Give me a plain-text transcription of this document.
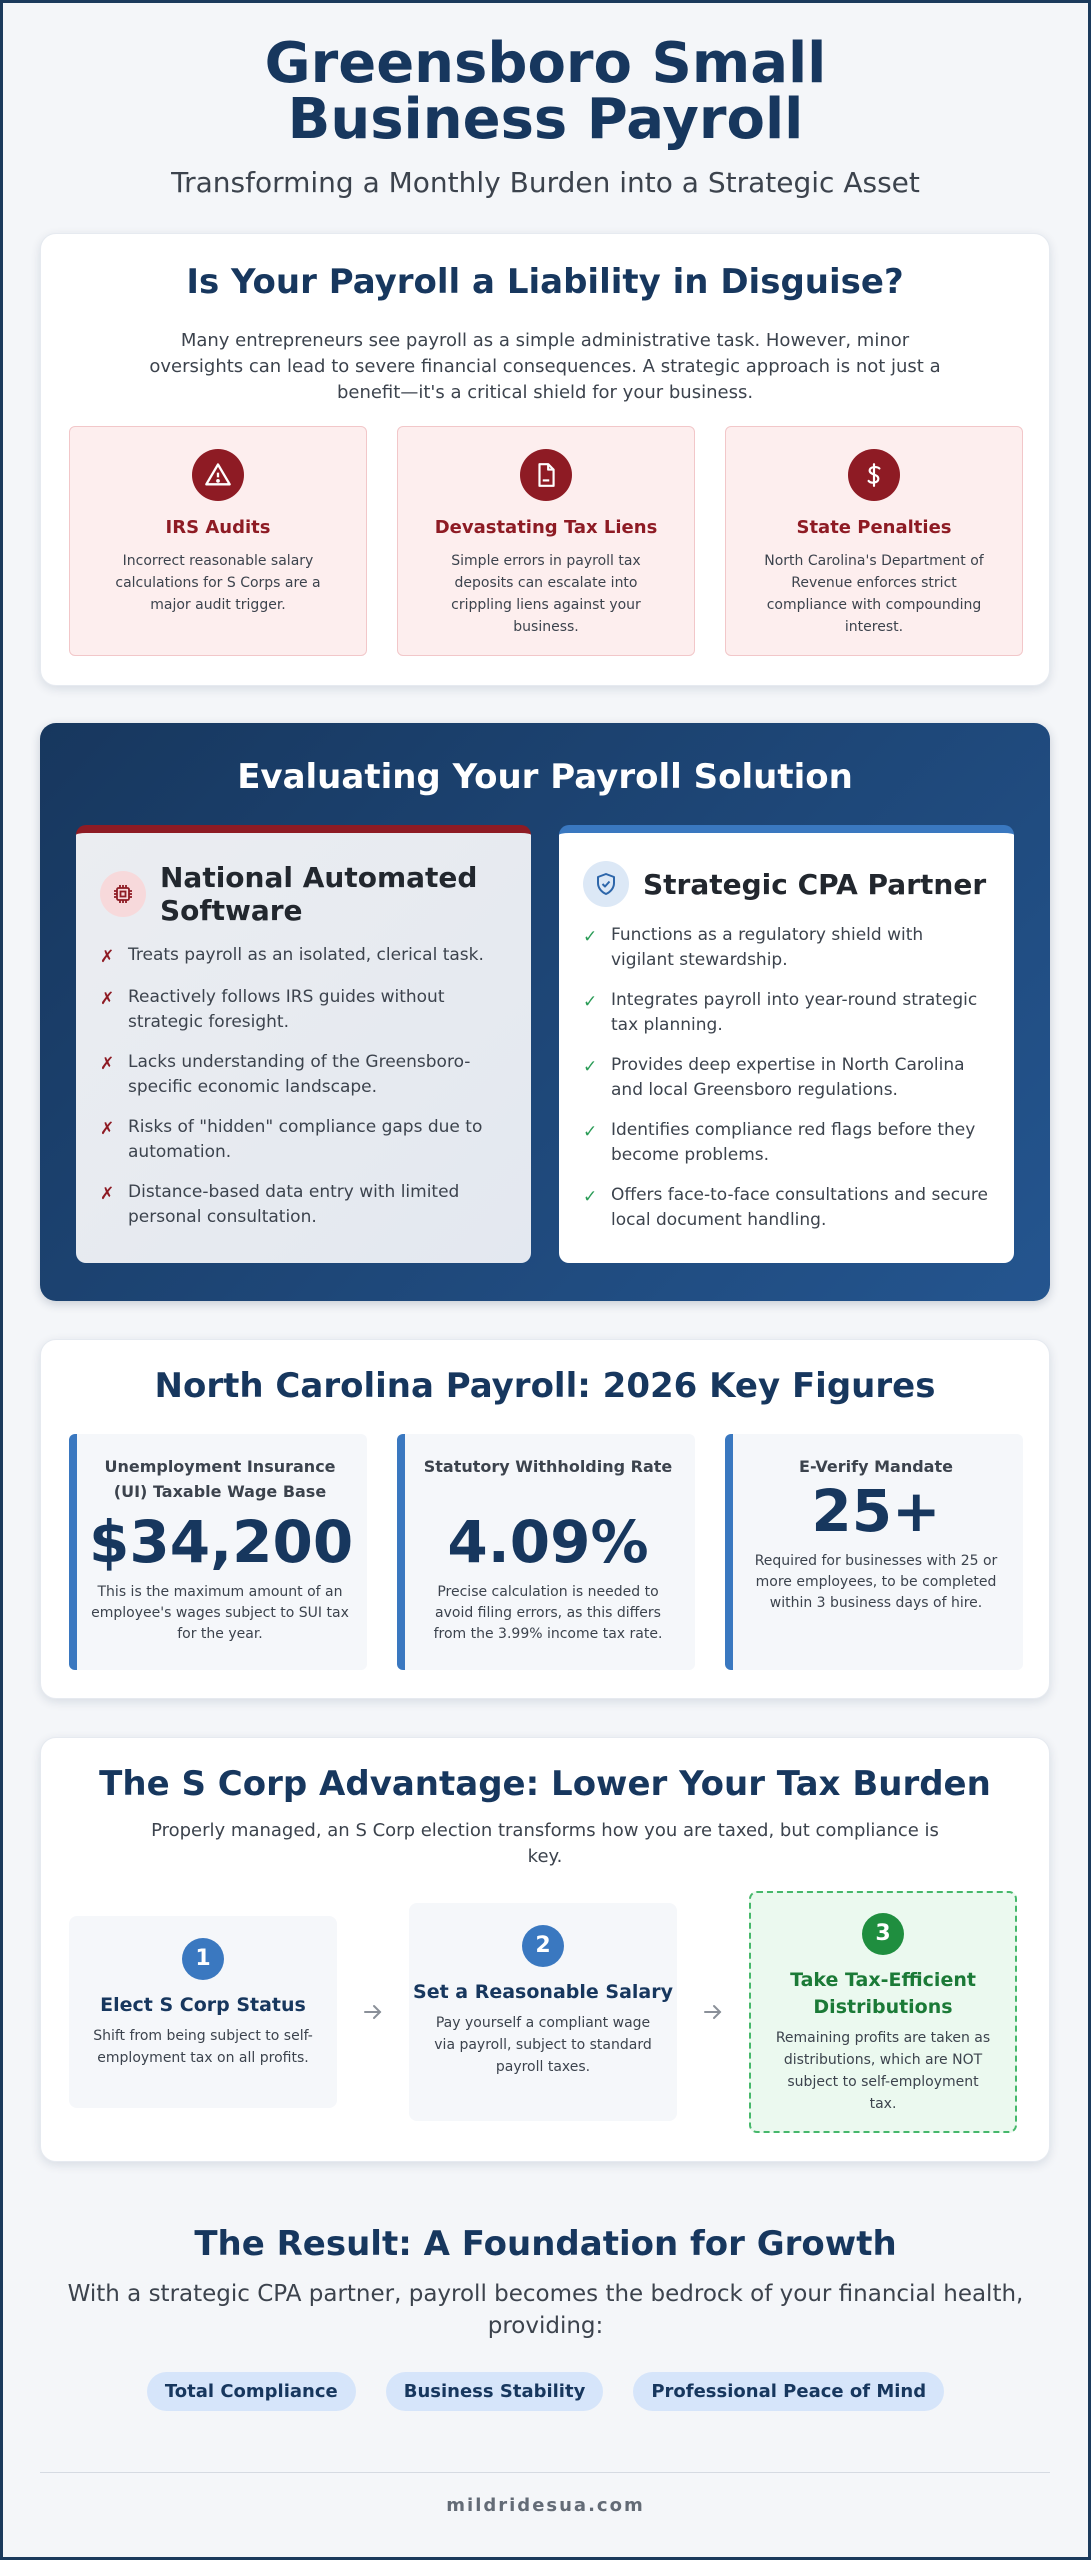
Greensboro Small Business Payroll
Transforming a Monthly Burden into a Strategic Asset
Is Your Payroll a Liability in Disguise?

Many entrepreneurs see payroll as a simple administrative task. However, minor oversights can lead to severe financial consequences. A strategic approach is not just a benefit—it's a critical shield for your business.

IRS Audits

Incorrect reasonable salary calculations for S Corps are a major audit trigger.

Devastating Tax Liens

Simple errors in payroll tax deposits can escalate into crippling liens against your business.

State Penalties

North Carolina's Department of Revenue enforces strict compliance with compounding interest.

Evaluating Your Payroll Solution
National Automated Software
✗ Treats payroll as an isolated, clerical task.
✗ Reactively follows IRS guides without strategic foresight.
✗ Lacks understanding of the Greensboro-specific economic landscape.
✗ Risks of "hidden" compliance gaps due to automation.
✗ Distance-based data entry with limited personal consultation.
Strategic CPA Partner
✓ Functions as a regulatory shield with vigilant stewardship.
✓ Integrates payroll into year-round strategic tax planning.
✓ Provides deep expertise in North Carolina and local Greensboro regulations.
✓ Identifies compliance red flags before they become problems.
✓ Offers face-to-face consultations and secure local document handling.
North Carolina Payroll: 2026 Key Figures
Unemployment Insurance (UI) Taxable Wage Base
$34,200

This is the maximum amount of an employee's wages subject to SUI tax for the year.

Statutory Withholding Rate
4.09%

Precise calculation is needed to avoid filing errors, as this differs from the 3.99% income tax rate.

E-Verify Mandate
25+

Required for businesses with 25 or more employees, to be completed within 3 business days of hire.

The S Corp Advantage: Lower Your Tax Burden

Properly managed, an S Corp election transforms how you are taxed, but compliance is key.

1
Elect S Corp Status

Shift from being subject to self-employment tax on all profits.

2
Set a Reasonable Salary

Pay yourself a compliant wage via payroll, subject to standard payroll taxes.

3
Take Tax-Efficient Distributions

Remaining profits are taken as distributions, which are NOT subject to self-employment tax.

The Result: A Foundation for Growth

With a strategic CPA partner, payroll becomes the bedrock of your financial health, providing:

Total Compliance	Business Stability	Professional Peace of Mind
mildridesua.com
